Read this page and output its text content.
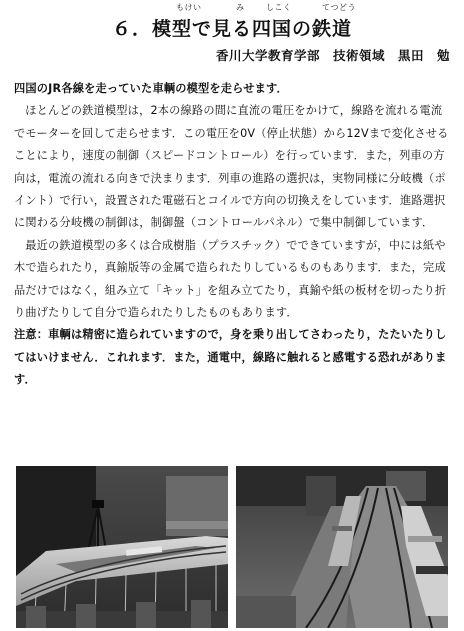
もけい	み	しこく	てつどう
６．模型で見る四国の鉄道
香川大学教育学部　技術領域　黒田　勉

四国のJR各線を走っていた車輌の模型を走らせます．

ほとんどの鉄道模型は，2本の線路の間に直流の電圧をかけて，線路を流れる電流でモーターを回して走らせます．この電圧を0V（停止状態）から12Vまで変化させることにより，速度の制御（スピードコントロール）を行っています．また，列車の方向は，電流の流れる向きで決まります．列車の進路の選択は，実物同様に分岐機（ポイント）で行い，設置された電磁石とコイルで方向の切換えをしています．進路選択に関わる分岐機の制御は，制御盤（コントロールパネル）で集中制御しています．

最近の鉄道模型の多くは合成樹脂（プラスチック）でできていますが，中には紙や木で造られたり，真鍮版等の金属で造られたりしているものもあります．また，完成品だけではなく，組み立て「キット」を組み立てたり，真鍮や紙の板材を切ったり折り曲げたりして自分で造られたりしたものもあります．

注意：車輌は精密に造られていますので，身を乗り出してさわったり，たたいたりしてはいけません．これれます．また，通電中，線路に触れると感電する恐れがあります．
